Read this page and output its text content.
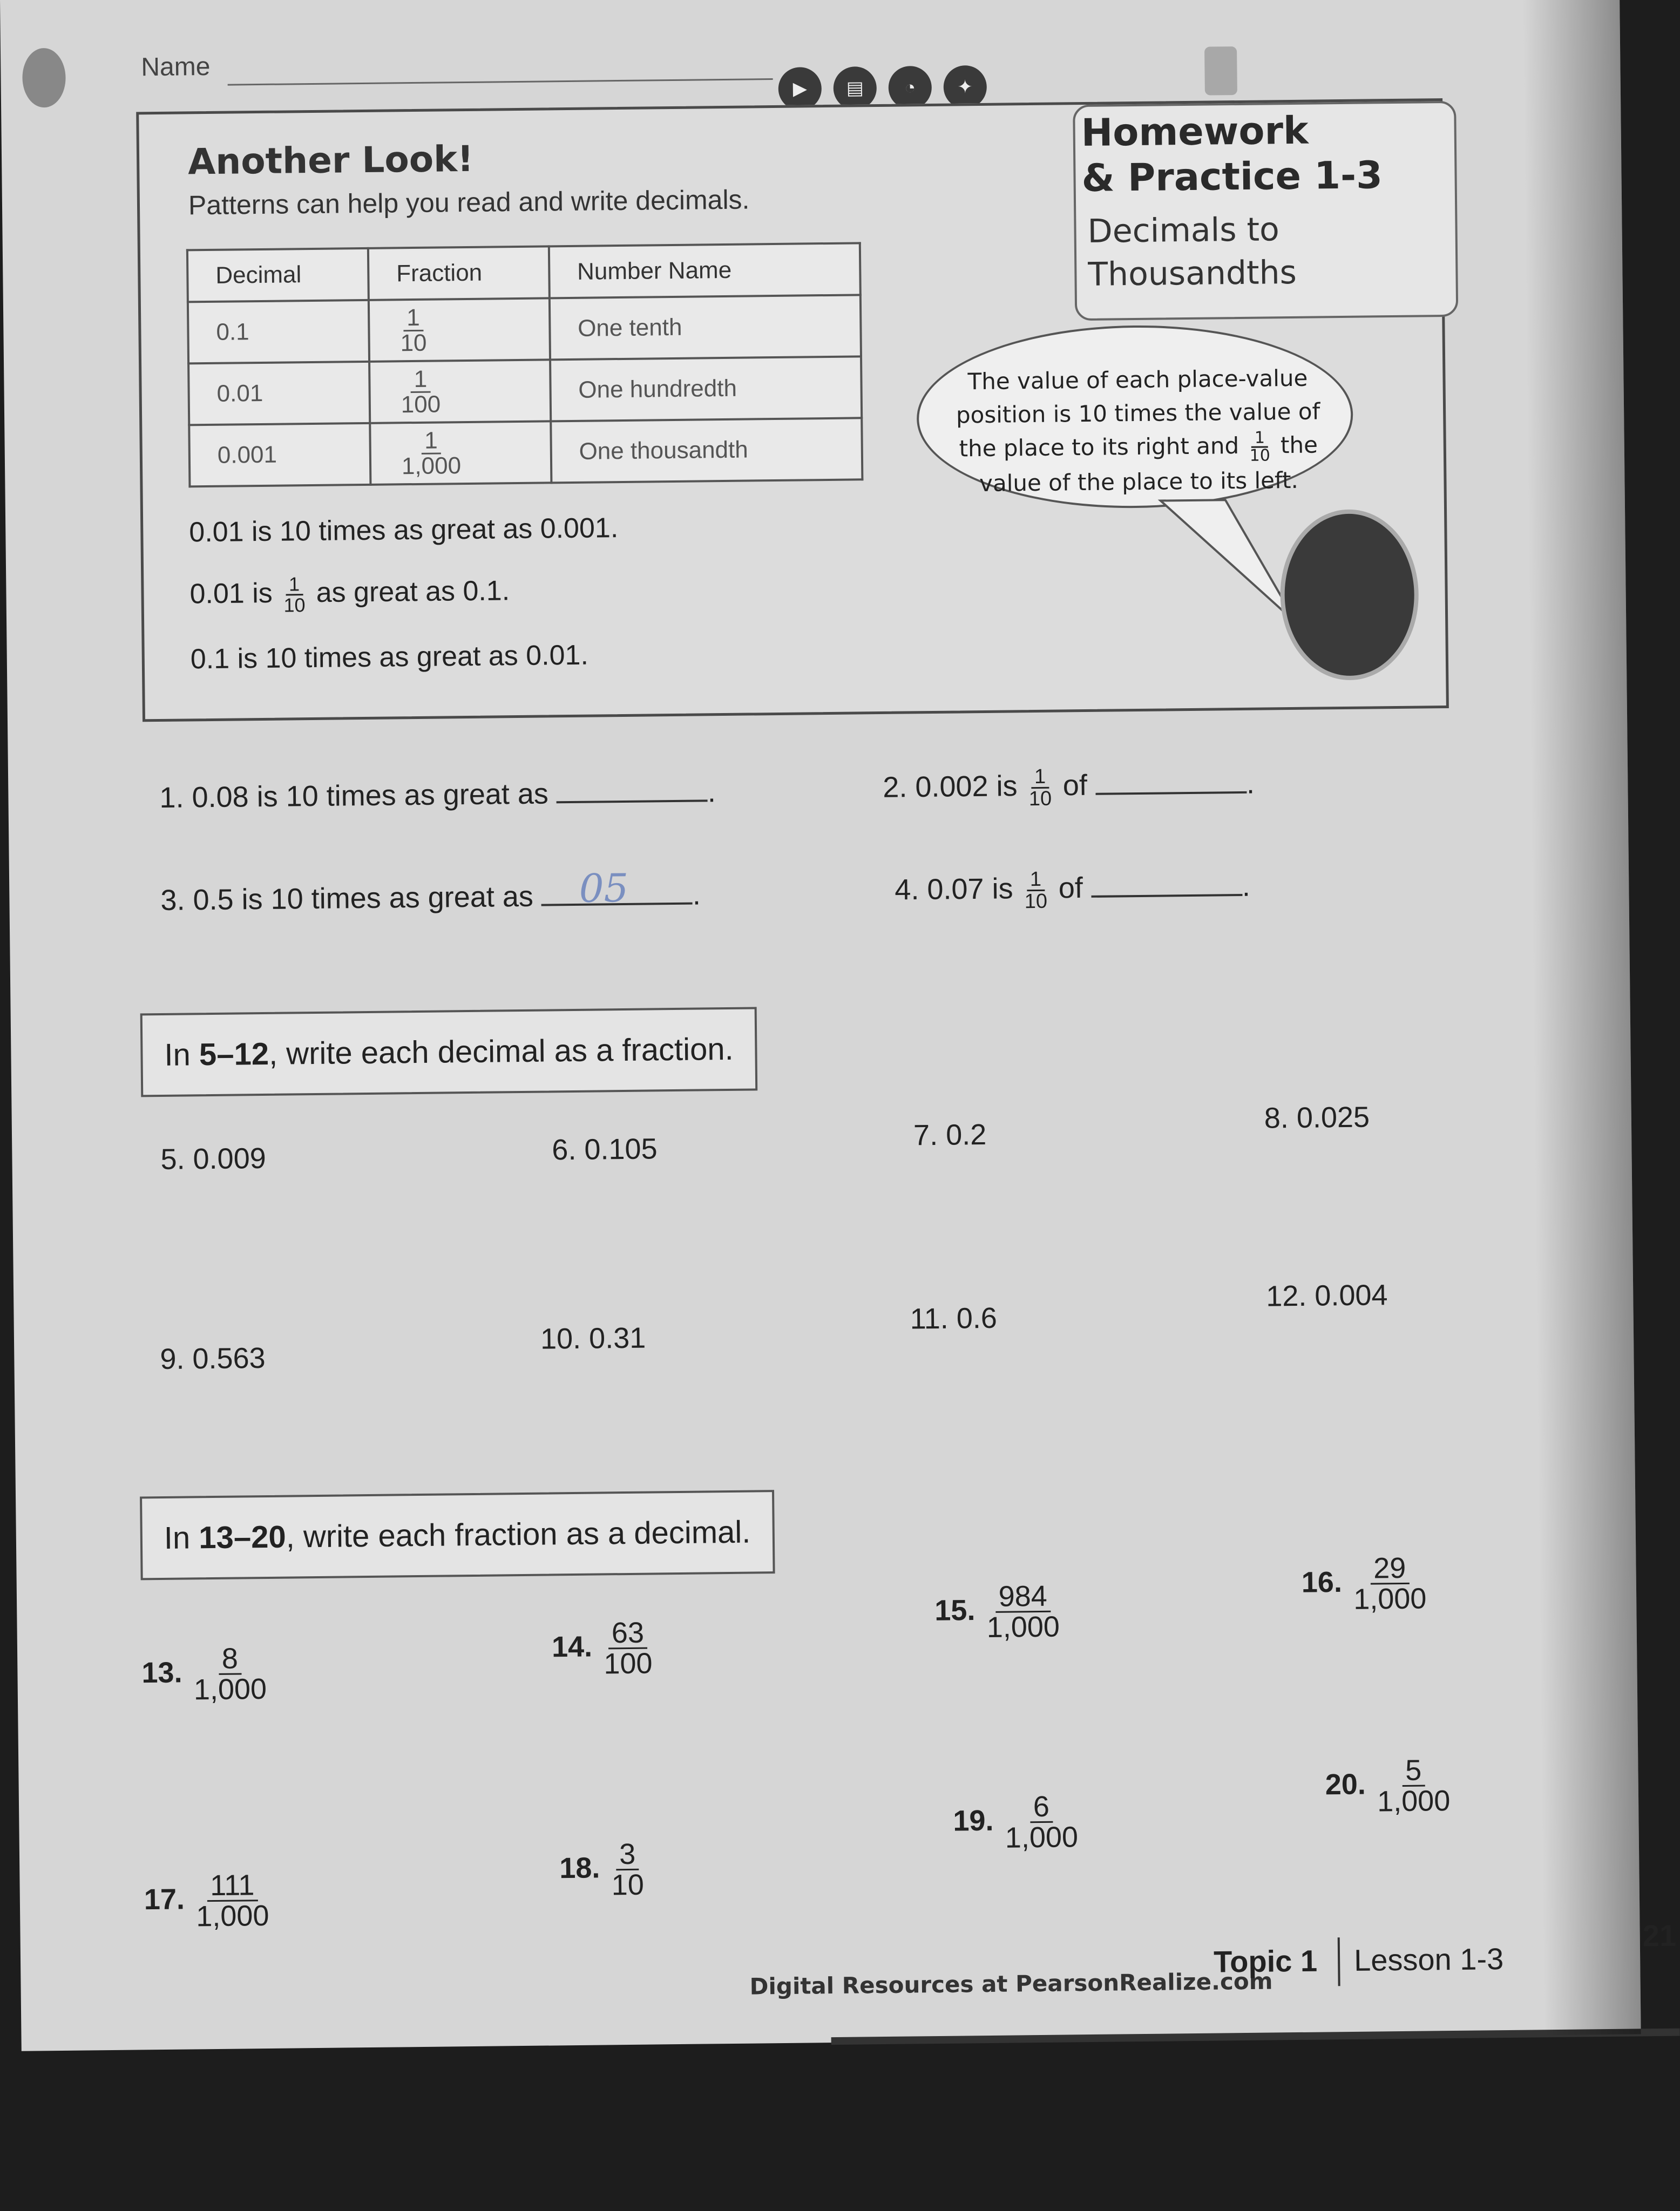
Name
▶	▤	◔	✦
Another Look!
Patterns can help you read and write decimals.
Homework
& Practice 1-3
Decimals to
Thousandths
Decimal	Fraction	Number Name
0.1	$\frac{1}{10}$	One tenth
0.01	$\frac{1}{100}$	One hundredth
0.001	$\frac{1}{1,000}$	One thousandth
The value of each place-value
position is 10 times the value of
the place to its right and $\frac{1}{10}$ the
value of the place to its left.
0.01 is 10 times as great as 0.001.
0.01 is $\frac{1}{10}$ as great as 0.1.
0.1 is 10 times as great as 0.01.
1. 0.08 is 10 times as great as	.	2. 0.002 is $\frac{1}{10}$ of	.
3. 0.5 is 10 times as great as 05 .	4. 0.07 is $\frac{1}{10}$ of	.
In 5–12, write each decimal as a fraction.
5. 0.009	6. 0.105	7. 0.2
8. 0.025
9. 0.563
10. 0.31
11. 0.6
12. 0.004
In 13–20, write each fraction as a decimal.
13. $\frac{8}{1,000}$	14. $\frac{63}{100}$
15. $\frac{984}{1,000}$	16. $\frac{29}{1,000}$
17. $\frac{111}{1,000}$
18. $\frac{3}{10}$
19. $\frac{6}{1,000}$
20. $\frac{5}{1,000}$
Digital Resources at PearsonRealize.com
Topic 1 Lesson 1-3
21
